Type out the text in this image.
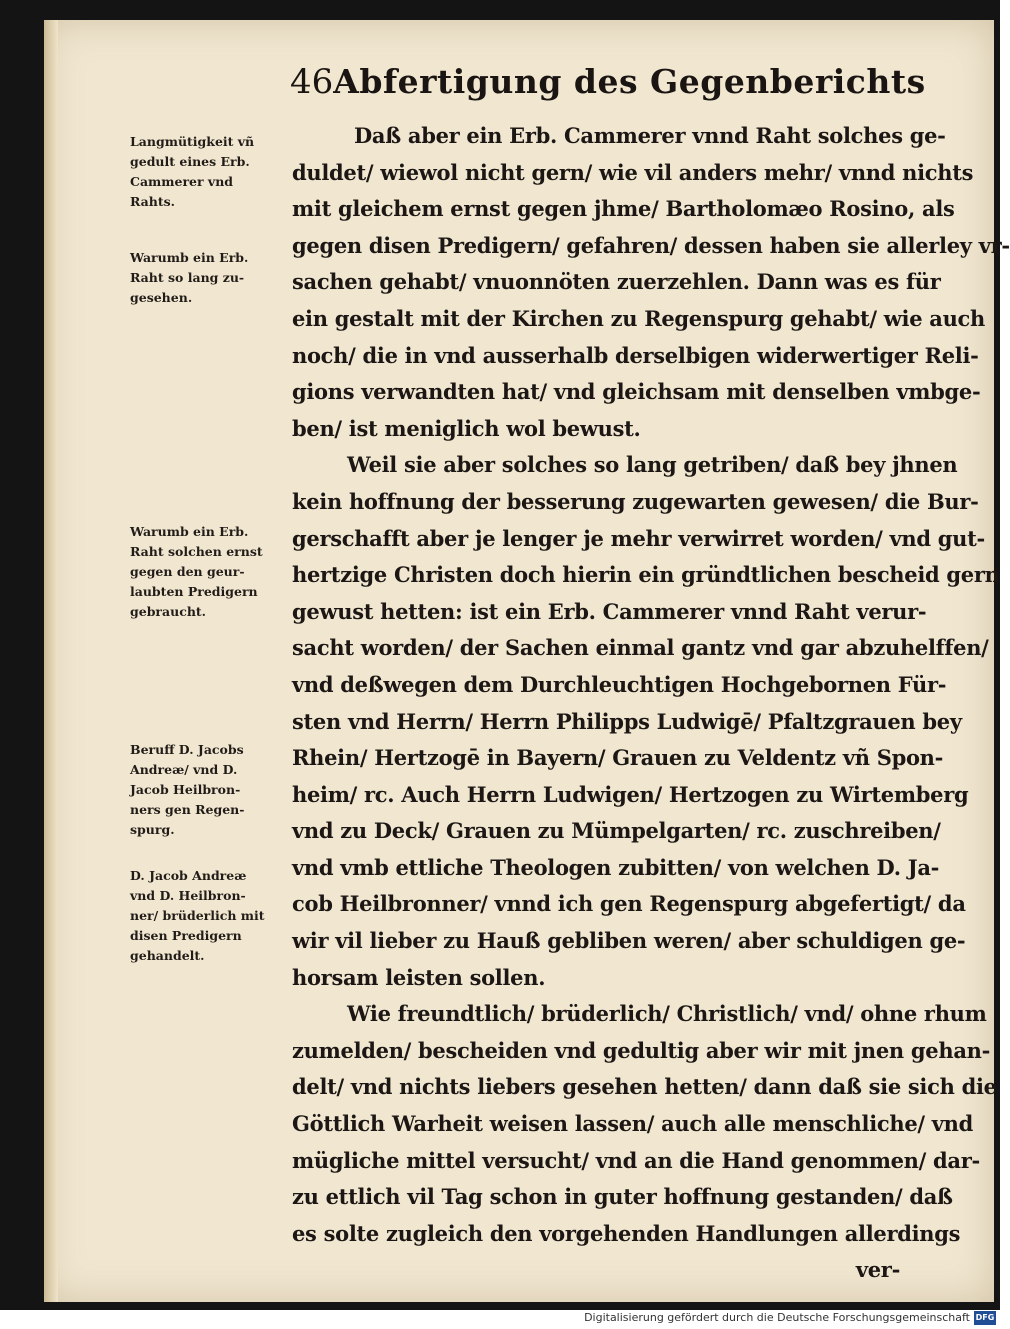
46 Abfertigung des Gegenberichts
Daß aber ein Erb. Cammerer vnnd Raht solches ge-
duldet/ wiewol nicht gern/ wie vil anders mehr/ vnnd nichts
mit gleichem ernst gegen jhme/ Bartholomæo Rosino, als
gegen disen Predigern/ gefahren/ dessen haben sie allerley vr-
sachen gehabt/ vnuonnöten zuerzehlen. Dann was es für
ein gestalt mit der Kirchen zu Regenspurg gehabt/ wie auch
noch/ die in vnd ausserhalb derselbigen widerwertiger Reli-
gions verwandten hat/ vnd gleichsam mit denselben vmbge-
ben/ ist meniglich wol bewust.
Weil sie aber solches so lang getriben/ daß bey jhnen
kein hoffnung der besserung zugewarten gewesen/ die Bur-
gerschafft aber je lenger je mehr verwirret worden/ vnd gut-
hertzige Christen doch hierin ein gründtlichen bescheid gern
gewust hetten: ist ein Erb. Cammerer vnnd Raht verur-
sacht worden/ der Sachen einmal gantz vnd gar abzuhelffen/
vnd deßwegen dem Durchleuchtigen Hochgebornen Für-
sten vnd Herrn/ Herrn Philipps Ludwigē/ Pfaltzgrauen bey
Rhein/ Hertzogē in Bayern/ Grauen zu Veldentz vñ Spon-
heim/ rc. Auch Herrn Ludwigen/ Hertzogen zu Wirtemberg
vnd zu Deck/ Grauen zu Mümpelgarten/ rc. zuschreiben/
vnd vmb ettliche Theologen zubitten/ von welchen D. Ja-
cob Heilbronner/ vnnd ich gen Regenspurg abgefertigt/ da
wir vil lieber zu Hauß gebliben weren/ aber schuldigen ge-
horsam leisten sollen.
Wie freundtlich/ brüderlich/ Christlich/ vnd/ ohne rhum
zumelden/ bescheiden vnd gedultig aber wir mit jnen gehan-
delt/ vnd nichts liebers gesehen hetten/ dann daß sie sich die
Göttlich Warheit weisen lassen/ auch alle menschliche/ vnd
mügliche mittel versucht/ vnd an die Hand genommen/ dar-
zu ettlich vil Tag schon in guter hoffnung gestanden/ daß
es solte zugleich den vorgehenden Handlungen allerdings
ver-
Langmütigkeit vñ
gedult eines Erb.
Cammerer vnd
Rahts.
Warumb ein Erb.
Raht so lang zu-
gesehen.
Warumb ein Erb.
Raht solchen ernst
gegen den geur-
laubten Predigern
gebraucht.
Beruff D. Jacobs
Andreæ/ vnd D.
Jacob Heilbron-
ners gen Regen-
spurg.
D. Jacob Andreæ
vnd D. Heilbron-
ner/ brüderlich mit
disen Predigern
gehandelt.
Digitalisierung gefördert durch die Deutsche Forschungsgemeinschaft DFG
